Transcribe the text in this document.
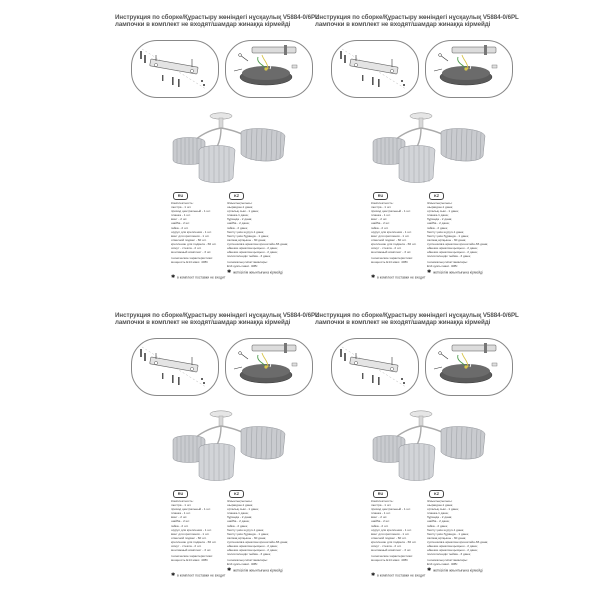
Инструкция по сборке/Құрастыру жөніндегі нұсқаулық V5884-0/6PL
лампочки в комплект не входят/шамдар жинаққа кірмейді
RU	KZ
Комплектность:
люстра - 1 шт.
провод центральный - 1 шт.
планка - 1 шт.
винт - 2 шт.
шайба - 2 шт.
гайка - 2 шт.
шуруп для крепления - 1 шт.
винт для крепления - 1 шт.
отвесной подвес - 60 шт.
крепление для подвеса - 66 шт.
хомут - стекла - 2 шт.
монтажный комплект - 3 шт.
технические характеристики:
мощность Е14 макс. 40Вт
Жиынтықтылығы:
шырағдан-1 дана;
орталық сым - 1 дана;
планка-1 дана;
бұранда - 2 дана;
шайба - 2 дана;
гайка - 2 дана;
бекіту үшін шуруп-1 дана;
бекіту үшін бұранда - 1 дана;
салмақ артқышы - 60 дана;
суспензияға арналған кронштейн-66 дана;
әйнекке арналған қысқыш - 2 дана;
әйнекке арналған қысқыш - 2 дана;
полиэтилендік тыйма - 3 дана;
техникалық сипаттамалары:
Е14 қуаты макс. 40Вт
✱ в комплект поставки не входит
✱ жеткізілім жиынтығына кірмейді
Инструкция по сборке/Құрастыру жөніндегі нұсқаулық V5884-0/6PL
лампочки в комплект не входят/шамдар жинаққа кірмейді
RU	KZ
Комплектность:
люстра - 1 шт.
провод центральный - 1 шт.
планка - 1 шт.
винт - 2 шт.
шайба - 2 шт.
гайка - 2 шт.
шуруп для крепления - 1 шт.
винт для крепления - 1 шт.
отвесной подвес - 60 шт.
крепление для подвеса - 66 шт.
хомут - стекла - 2 шт.
монтажный комплект - 3 шт.
технические характеристики:
мощность Е14 макс. 40Вт
Жиынтықтылығы:
шырағдан-1 дана;
орталық сым - 1 дана;
планка-1 дана;
бұранда - 2 дана;
шайба - 2 дана;
гайка - 2 дана;
бекіту үшін шуруп-1 дана;
бекіту үшін бұранда - 1 дана;
салмақ артқышы - 60 дана;
суспензияға арналған кронштейн-66 дана;
әйнекке арналған қысқыш - 2 дана;
әйнекке арналған қысқыш - 2 дана;
полиэтилендік тыйма - 3 дана;
техникалық сипаттамалары:
Е14 қуаты макс. 40Вт
✱ в комплект поставки не входит
✱ жеткізілім жиынтығына кірмейді
Инструкция по сборке/Құрастыру жөніндегі нұсқаулық V5884-0/6PL
лампочки в комплект не входят/шамдар жинаққа кірмейді
RU	KZ
Комплектность:
люстра - 1 шт.
провод центральный - 1 шт.
планка - 1 шт.
винт - 2 шт.
шайба - 2 шт.
гайка - 2 шт.
шуруп для крепления - 1 шт.
винт для крепления - 1 шт.
отвесной подвес - 60 шт.
крепление для подвеса - 66 шт.
хомут - стекла - 2 шт.
монтажный комплект - 3 шт.
технические характеристики:
мощность Е14 макс. 40Вт
Жиынтықтылығы:
шырағдан-1 дана;
орталық сым - 1 дана;
планка-1 дана;
бұранда - 2 дана;
шайба - 2 дана;
гайка - 2 дана;
бекіту үшін шуруп-1 дана;
бекіту үшін бұранда - 1 дана;
салмақ артқышы - 60 дана;
суспензияға арналған кронштейн-66 дана;
әйнекке арналған қысқыш - 2 дана;
әйнекке арналған қысқыш - 2 дана;
полиэтилендік тыйма - 3 дана;
техникалық сипаттамалары:
Е14 қуаты макс. 40Вт
✱ в комплект поставки не входит
✱ жеткізілім жиынтығына кірмейді
Инструкция по сборке/Құрастыру жөніндегі нұсқаулық V5884-0/6PL
лампочки в комплект не входят/шамдар жинаққа кірмейді
RU	KZ
Комплектность:
люстра - 1 шт.
провод центральный - 1 шт.
планка - 1 шт.
винт - 2 шт.
шайба - 2 шт.
гайка - 2 шт.
шуруп для крепления - 1 шт.
винт для крепления - 1 шт.
отвесной подвес - 60 шт.
крепление для подвеса - 66 шт.
хомут - стекла - 2 шт.
монтажный комплект - 3 шт.
технические характеристики:
мощность Е14 макс. 40Вт
Жиынтықтылығы:
шырағдан-1 дана;
орталық сым - 1 дана;
планка-1 дана;
бұранда - 2 дана;
шайба - 2 дана;
гайка - 2 дана;
бекіту үшін шуруп-1 дана;
бекіту үшін бұранда - 1 дана;
салмақ артқышы - 60 дана;
суспензияға арналған кронштейн-66 дана;
әйнекке арналған қысқыш - 2 дана;
әйнекке арналған қысқыш - 2 дана;
полиэтилендік тыйма - 3 дана;
техникалық сипаттамалары:
Е14 қуаты макс. 40Вт
✱ в комплект поставки не входит
✱ жеткізілім жиынтығына кірмейді
